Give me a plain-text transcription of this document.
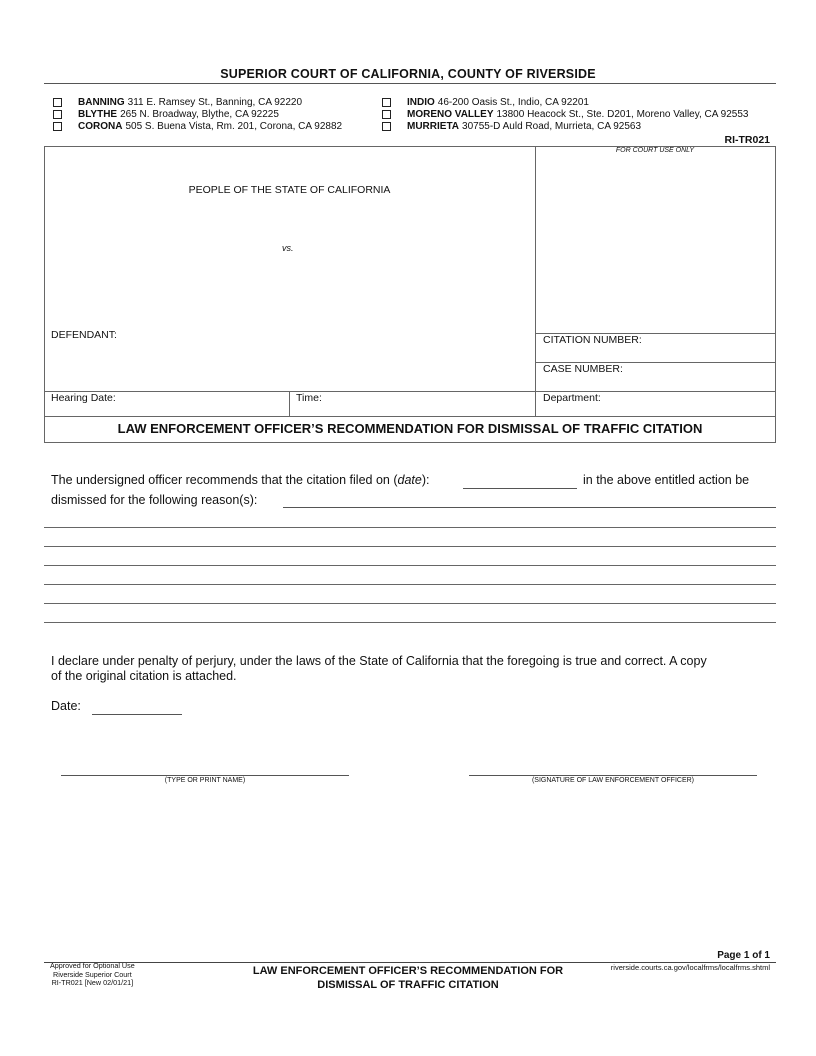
SUPERIOR COURT OF CALIFORNIA, COUNTY OF RIVERSIDE
BANNING 311 E. Ramsey St., Banning, CA 92220
BLYTHE 265 N. Broadway, Blythe, CA 92225
CORONA 505 S. Buena Vista, Rm. 201, Corona, CA 92882
INDIO 46-200 Oasis St., Indio, CA 92201
MORENO VALLEY 13800 Heacock St., Ste. D201, Moreno Valley, CA 92553
MURRIETA 30755-D Auld Road, Murrieta, CA 92563
RI-TR021
FOR COURT USE ONLY
PEOPLE OF THE STATE OF CALIFORNIA
vs.
DEFENDANT:	CITATION NUMBER:
CASE NUMBER:
Hearing Date:	Time:	Department:
LAW ENFORCEMENT OFFICER’S RECOMMENDATION FOR DISMISSAL OF TRAFFIC CITATION
The undersigned officer recommends that the citation filed on (date):	in the above entitled action be
dismissed for the following reason(s):
I declare under penalty of perjury, under the laws of the State of California that the foregoing is true and correct. A copy
of the original citation is attached.
Date:
(TYPE OR PRINT NAME)	(SIGNATURE OF LAW ENFORCEMENT OFFICER)
Page 1 of 1
Approved for Optional Use
Riverside Superior Court
RI-TR021 [New 02/01/21]
LAW ENFORCEMENT OFFICER’S RECOMMENDATION FOR
DISMISSAL OF TRAFFIC CITATION
riverside.courts.ca.gov/localfrms/localfrms.shtml
